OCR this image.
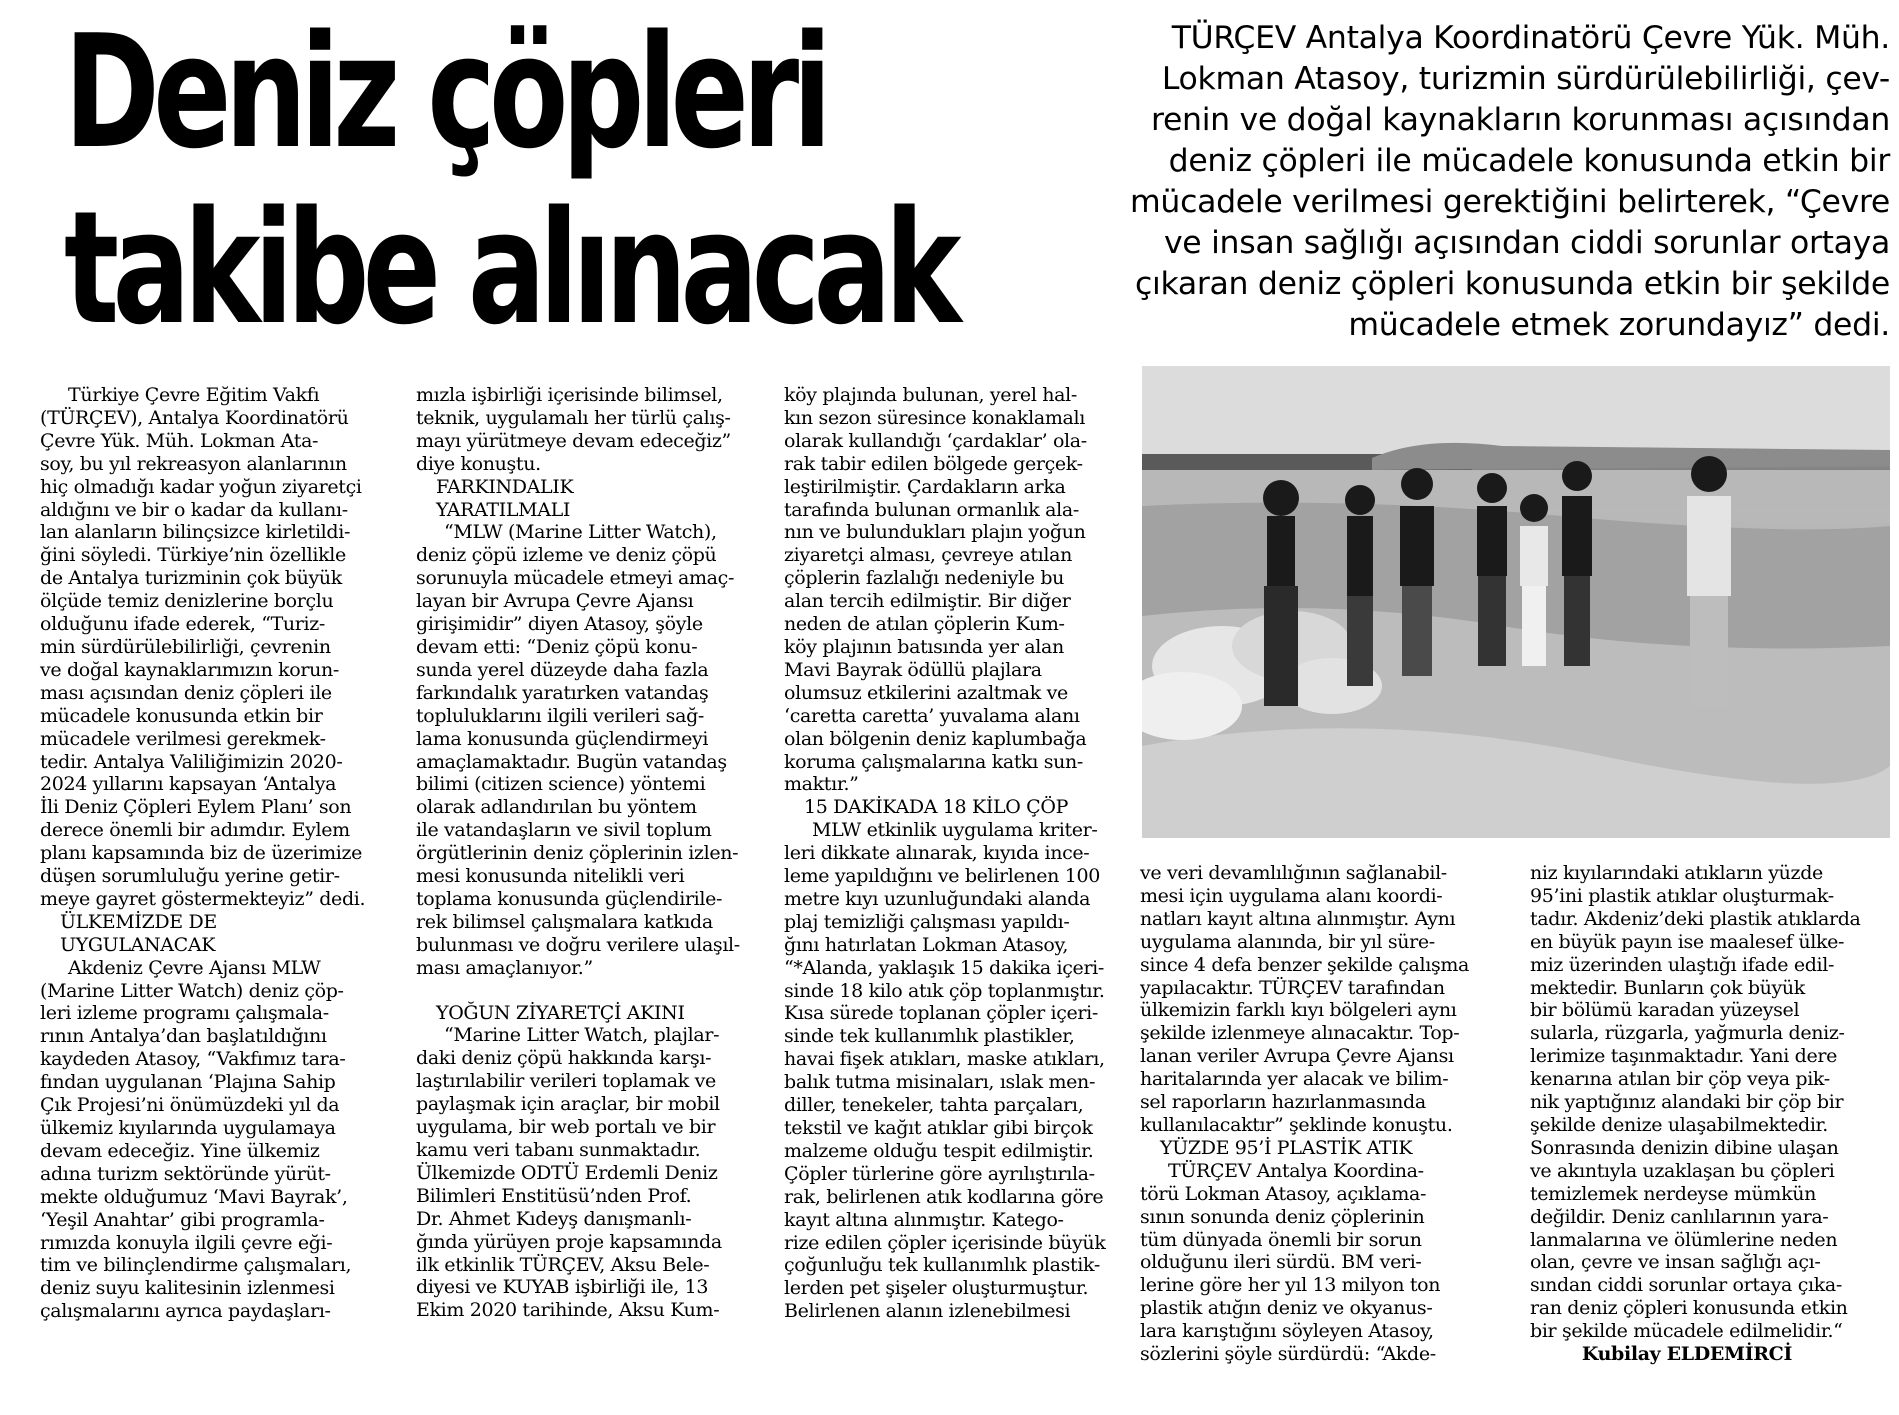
Deniz çöpleri
takibe alınacak
TÜRÇEV Antalya Koordinatörü Çevre Yük. Müh.
Lokman Atasoy, turizmin sürdürülebilirliği, çev-
renin ve doğal kaynakların korunması açısından
deniz çöpleri ile mücadele konusunda etkin bir
mücadele verilmesi gerektiğini belirterek, “Çevre
ve insan sağlığı açısından ciddi sorunlar ortaya
çıkaran deniz çöpleri konusunda etkin bir şekilde
mücadele etmek zorundayız” dedi.

Türkiye Çevre Eğitim Vakfı

(TÜRÇEV), Antalya Koordinatörü

Çevre Yük. Müh. Lokman Ata-

soy, bu yıl rekreasyon alanlarının

hiç olmadığı kadar yoğun ziyaretçi

aldığını ve bir o kadar da kullanı-

lan alanların bilinçsizce kirletildi-

ğini söyledi. Türkiye’nin özellikle

de Antalya turizminin çok büyük

ölçüde temiz denizlerine borçlu

olduğunu ifade ederek, “Turiz-

min sürdürülebilirliği, çevrenin

ve doğal kaynaklarımızın korun-

ması açısından deniz çöpleri ile

mücadele konusunda etkin bir

mücadele verilmesi gerekmek-

tedir. Antalya Valiliğimizin 2020-

2024 yıllarını kapsayan ‘Antalya

İli Deniz Çöpleri Eylem Planı’ son

derece önemli bir adımdır. Eylem

planı kapsamında biz de üzerimize

düşen sorumluluğu yerine getir-

meye gayret göstermekteyiz” dedi.

ÜLKEMİZDE DE

UYGULANACAK

Akdeniz Çevre Ajansı MLW

(Marine Litter Watch) deniz çöp-

leri izleme programı çalışmala-

rının Antalya’dan başlatıldığını

kaydeden Atasoy, “Vakfımız tara-

fından uygulanan ‘Plajına Sahip

Çık Projesi’ni önümüzdeki yıl da

ülkemiz kıyılarında uygulamaya

devam edeceğiz. Yine ülkemiz

adına turizm sektöründe yürüt-

mekte olduğumuz ‘Mavi Bayrak’,

‘Yeşil Anahtar’ gibi programla-

rımızda konuyla ilgili çevre eği-

tim ve bilinçlendirme çalışmaları,

deniz suyu kalitesinin izlenmesi

çalışmalarını ayrıca paydaşları-

mızla işbirliği içerisinde bilimsel,

teknik, uygulamalı her türlü çalış-

mayı yürütmeye devam edeceğiz”

diye konuştu.

FARKINDALIK

YARATILMALI

“MLW (Marine Litter Watch),

deniz çöpü izleme ve deniz çöpü

sorunuyla mücadele etmeyi amaç-

layan bir Avrupa Çevre Ajansı

girişimidir” diyen Atasoy, şöyle

devam etti: “Deniz çöpü konu-

sunda yerel düzeyde daha fazla

farkındalık yaratırken vatandaş

topluluklarını ilgili verileri sağ-

lama konusunda güçlendirmeyi

amaçlamaktadır. Bugün vatandaş

bilimi (citizen science) yöntemi

olarak adlandırılan bu yöntem

ile vatandaşların ve sivil toplum

örgütlerinin deniz çöplerinin izlen-

mesi konusunda nitelikli veri

toplama konusunda güçlendirile-

rek bilimsel çalışmalara katkıda

bulunması ve doğru verilere ulaşıl-

ması amaçlanıyor.”

YOĞUN ZİYARETÇİ AKINI

“Marine Litter Watch, plajlar-

daki deniz çöpü hakkında karşı-

laştırılabilir verileri toplamak ve

paylaşmak için araçlar, bir mobil

uygulama, bir web portalı ve bir

kamu veri tabanı sunmaktadır.

Ülkemizde ODTÜ Erdemli Deniz

Bilimleri Enstitüsü’nden Prof.

Dr. Ahmet Kıdeyş danışmanlı-

ğında yürüyen proje kapsamında

ilk etkinlik TÜRÇEV, Aksu Bele-

diyesi ve KUYAB işbirliği ile, 13

Ekim 2020 tarihinde, Aksu Kum-

köy plajında bulunan, yerel hal-

kın sezon süresince konaklamalı

olarak kullandığı ‘çardaklar’ ola-

rak tabir edilen bölgede gerçek-

leştirilmiştir. Çardakların arka

tarafında bulunan ormanlık ala-

nın ve bulundukları plajın yoğun

ziyaretçi alması, çevreye atılan

çöplerin fazlalığı nedeniyle bu

alan tercih edilmiştir. Bir diğer

neden de atılan çöplerin Kum-

köy plajının batısında yer alan

Mavi Bayrak ödüllü plajlara

olumsuz etkilerini azaltmak ve

‘caretta caretta’ yuvalama alanı

olan bölgenin deniz kaplumbağa

koruma çalışmalarına katkı sun-

maktır.”

15 DAKİKADA 18 KİLO ÇÖP

MLW etkinlik uygulama kriter-

leri dikkate alınarak, kıyıda ince-

leme yapıldığını ve belirlenen 100

metre kıyı uzunluğundaki alanda

plaj temizliği çalışması yapıldı-

ğını hatırlatan Lokman Atasoy,

“*Alanda, yaklaşık 15 dakika içeri-

sinde 18 kilo atık çöp toplanmıştır.

Kısa sürede toplanan çöpler içeri-

sinde tek kullanımlık plastikler,

havai fişek atıkları, maske atıkları,

balık tutma misinaları, ıslak men-

diller, tenekeler, tahta parçaları,

tekstil ve kağıt atıklar gibi birçok

malzeme olduğu tespit edilmiştir.

Çöpler türlerine göre ayrılıştırıla-

rak, belirlenen atık kodlarına göre

kayıt altına alınmıştır. Katego-

rize edilen çöpler içerisinde büyük

çoğunluğu tek kullanımlık plastik-

lerden pet şişeler oluşturmuştur.

Belirlenen alanın izlenebilmesi

ve veri devamlılığının sağlanabil-

mesi için uygulama alanı koordi-

natları kayıt altına alınmıştır. Aynı

uygulama alanında, bir yıl süre-

since 4 defa benzer şekilde çalışma

yapılacaktır. TÜRÇEV tarafından

ülkemizin farklı kıyı bölgeleri aynı

şekilde izlenmeye alınacaktır. Top-

lanan veriler Avrupa Çevre Ajansı

haritalarında yer alacak ve bilim-

sel raporların hazırlanmasında

kullanılacaktır” şeklinde konuştu.

YÜZDE 95’İ PLASTİK ATIK

TÜRÇEV Antalya Koordina-

törü Lokman Atasoy, açıklama-

sının sonunda deniz çöplerinin

tüm dünyada önemli bir sorun

olduğunu ileri sürdü. BM veri-

lerine göre her yıl 13 milyon ton

plastik atığın deniz ve okyanus-

lara karıştığını söyleyen Atasoy,

sözlerini şöyle sürdürdü: “Akde-

niz kıyılarındaki atıkların yüzde

95’ini plastik atıklar oluşturmak-

tadır. Akdeniz’deki plastik atıklarda

en büyük payın ise maalesef ülke-

miz üzerinden ulaştığı ifade edil-

mektedir. Bunların çok büyük

bir bölümü karadan yüzeysel

sularla, rüzgarla, yağmurla deniz-

lerimize taşınmaktadır. Yani dere

kenarına atılan bir çöp veya pik-

nik yaptığınız alandaki bir çöp bir

şekilde denize ulaşabilmektedir.

Sonrasında denizin dibine ulaşan

ve akıntıyla uzaklaşan bu çöpleri

temizlemek nerdeyse mümkün

değildir. Deniz canlılarının yara-

lanmalarına ve ölümlerine neden

olan, çevre ve insan sağlığı açı-

sından ciddi sorunlar ortaya çıka-

ran deniz çöpleri konusunda etkin

bir şekilde mücadele edilmelidir.“

Kubilay ELDEMİRCİ
